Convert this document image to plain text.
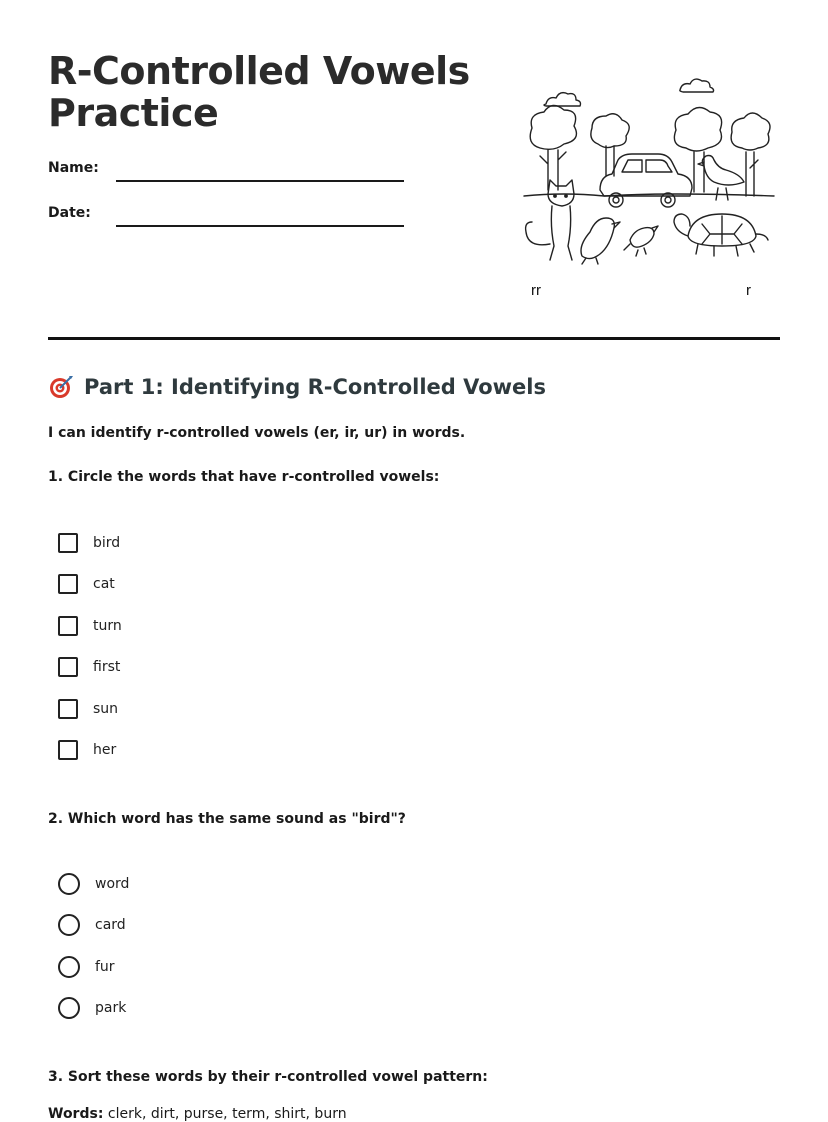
R-Controlled Vowels
Practice
Name:
Date:
rr	r
Part 1: Identifying R-Controlled Vowels
I can identify r-controlled vowels (er, ir, ur) in words.
1. Circle the words that have r-controlled vowels:
bird
cat
turn
first
sun
her
2. Which word has the same sound as "bird"?
word
card
fur
park
3. Sort these words by their r-controlled vowel pattern:
Words: clerk, dirt, purse, term, shirt, burn
